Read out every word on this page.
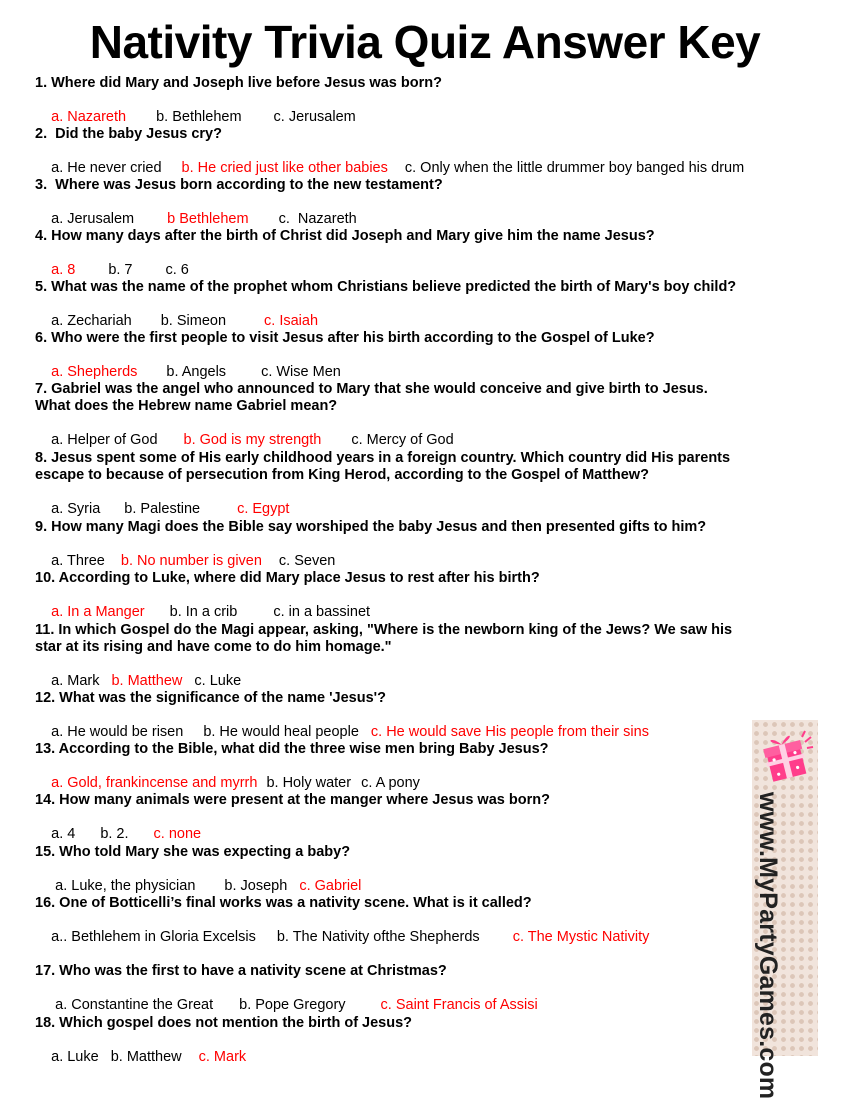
Nativity Trivia Quiz Answer Key
1. Where did Mary and Joseph live before Jesus was born?

a. Nazareth b. Bethlehem c. Jerusalem

2.  Did the baby Jesus cry?

a. He never cried b. He cried just like other babies c. Only when the little drummer boy banged his drum

3.  Where was Jesus born according to the new testament?

a. Jerusalem b Bethlehem c.  Nazareth

4. How many days after the birth of Christ did Joseph and Mary give him the name Jesus?

a. 8 b. 7 c. 6

5. What was the name of the prophet whom Christians believe predicted the birth of Mary's boy child?

a. Zechariah b. Simeon	c. Isaiah

6. Who were the first people to visit Jesus after his birth according to the Gospel of Luke?

a. Shepherds b. Angels c. Wise Men

7. Gabriel was the angel who announced to Mary that she would conceive and give birth to Jesus.
What does the Hebrew name Gabriel mean?

a. Helper of God b. God is my strength c. Mercy of God

8. Jesus spent some of His early childhood years in a foreign country. Which country did His parents
escape to because of persecution from King Herod, according to the Gospel of Matthew?

a. Syria b. Palestine	c. Egypt

9. How many Magi does the Bible say worshiped the baby Jesus and then presented gifts to him?

a. Three b. No number is given c. Seven

10. According to Luke, where did Mary place Jesus to rest after his birth?

a. In a Manger b. In a crib c. in a bassinet

11. In which Gospel do the Magi appear, asking, "Where is the newborn king of the Jews? We saw his
star at its rising and have come to do him homage."

a. Mark b. Matthew c. Luke

12. What was the significance of the name 'Jesus'?

a. He would be risen b. He would heal people c. He would save His people from their sins

13. According to the Bible, what did the three wise men bring Baby Jesus?

a. Gold, frankincense and myrrh b. Holy water c. A pony

14. How many animals were present at the manger where Jesus was born?

a. 4 b. 2. c. none

15. Who told Mary she was expecting a baby?

a. Luke, the physician b. Joseph c. Gabriel

16. One of Botticelli’s final works was a nativity scene. What is it called?

a.. Bethlehem in Gloria Excelsis b. The Nativity ofthe Shepherds c. The Mystic Nativity

17. Who was the first to have a nativity scene at Christmas?

a. Constantine the Great b. Pope Gregory c. Saint Francis of Assisi

18. Which gospel does not mention the birth of Jesus?

a. Luke b. Matthew c. Mark
	www.MyPartyGames.com
